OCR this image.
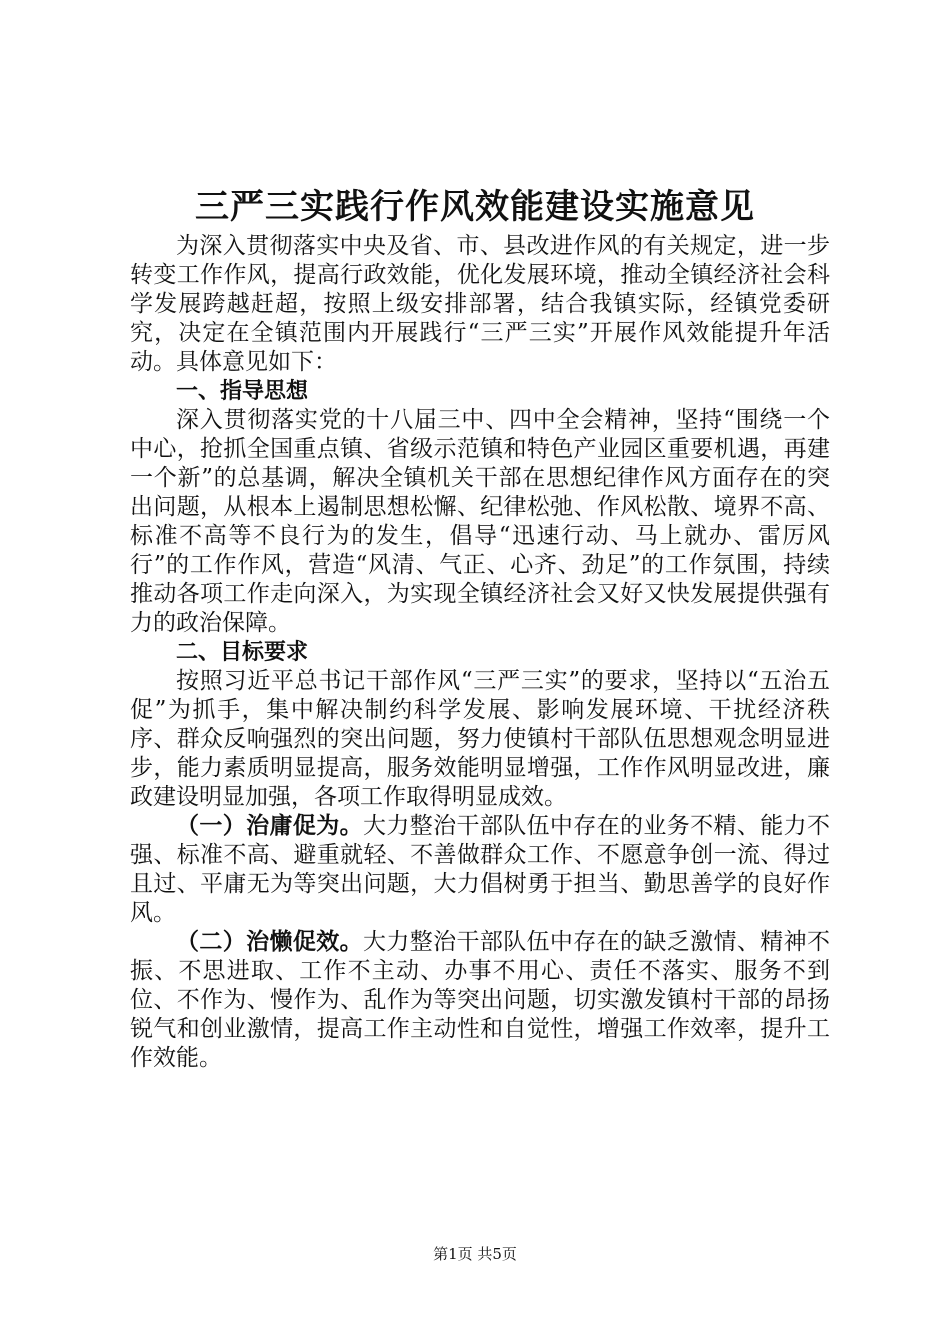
三严三实践行作风效能建设实施意见

为深入贯彻落实中央及省、市、县改进作风的有关规定，进一步转变工作作风，提高行政效能，优化发展环境，推动全镇经济社会科学发展跨越赶超，按照上级安排部署，结合我镇实际，经镇党委研究，决定在全镇范围内开展践行“三严三实”开展作风效能提升年活动。具体意见如下：

一、指导思想

深入贯彻落实党的十八届三中、四中全会精神，坚持“围绕一个中心，抢抓全国重点镇、省级示范镇和特色产业园区重要机遇，再建一个新”的总基调，解决全镇机关干部在思想纪律作风方面存在的突出问题，从根本上遏制思想松懈、纪律松弛、作风松散、境界不高、标准不高等不良行为的发生，倡导“迅速行动、马上就办、雷厉风行”的工作作风，营造“风清、气正、心齐、劲足”的工作氛围，持续推动各项工作走向深入，为实现全镇经济社会又好又快发展提供强有力的政治保障。

二、目标要求

按照习近平总书记干部作风“三严三实”的要求，坚持以“五治五促”为抓手，集中解决制约科学发展、影响发展环境、干扰经济秩序、群众反响强烈的突出问题，努力使镇村干部队伍思想观念明显进步，能力素质明显提高，服务效能明显增强，工作作风明显改进，廉政建设明显加强，各项工作取得明显成效。

（一）治庸促为。大力整治干部队伍中存在的业务不精、能力不强、标准不高、避重就轻、不善做群众工作、不愿意争创一流、得过且过、平庸无为等突出问题，大力倡树勇于担当、勤思善学的良好作风。

（二）治懒促效。大力整治干部队伍中存在的缺乏激情、精神不振、不思进取、工作不主动、办事不用心、责任不落实、服务不到位、不作为、慢作为、乱作为等突出问题，切实激发镇村干部的昂扬锐气和创业激情，提高工作主动性和自觉性，增强工作效率，提升工作效能。

第1页 共5页
